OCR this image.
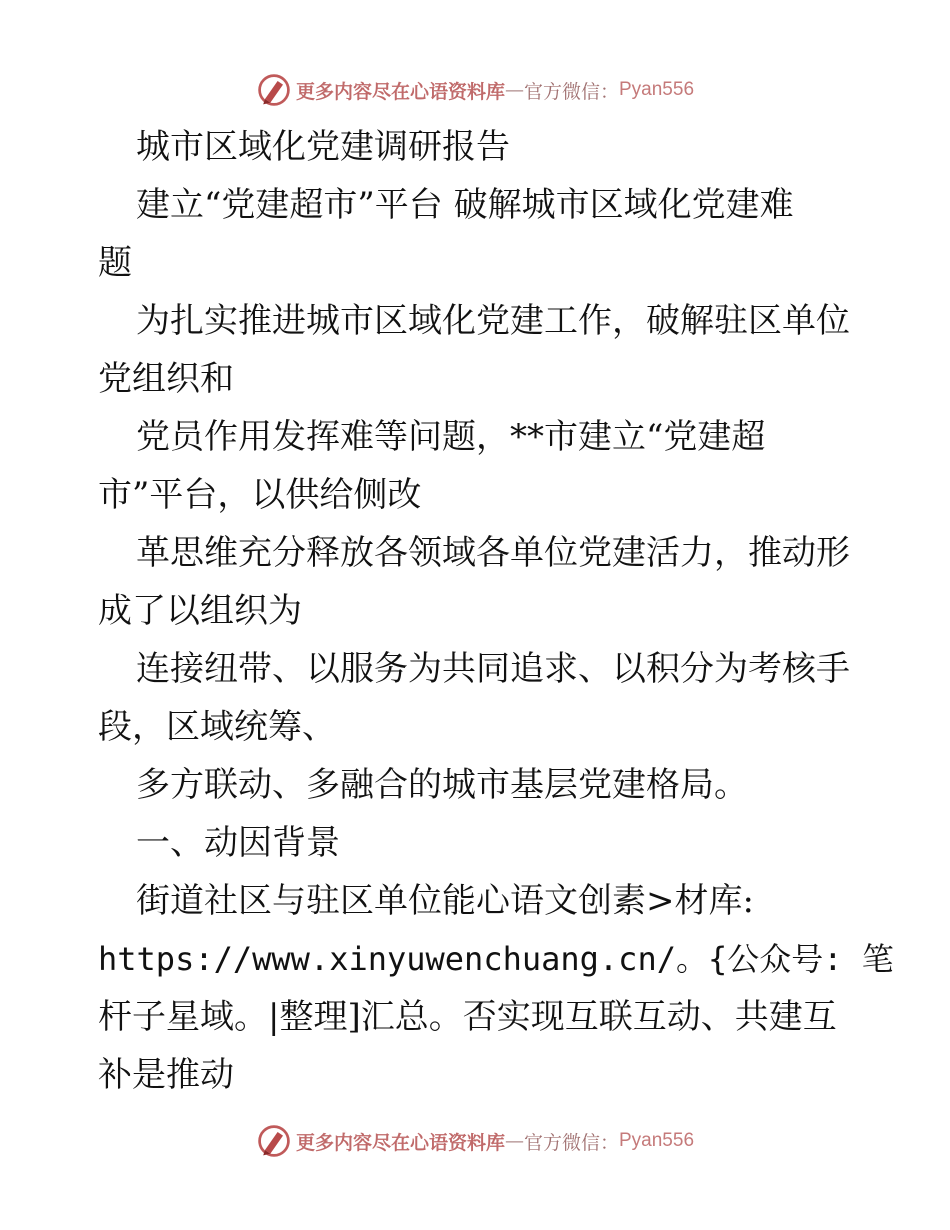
更多内容尽在心语资料库 — 官方微信： Pyan556
城市区域化党建调研报告
建立“党建超市”平台 破解城市区域化党建难
题
为扎实推进城市区域化党建工作，破解驻区单位
党组织和
党员作用发挥难等问题，**市建立“党建超
市”平台，以供给侧改
革思维充分释放各领域各单位党建活力，推动形
成了以组织为
连接纽带、以服务为共同追求、以积分为考核手
段，区域统筹、
多方联动、多融合的城市基层党建格局。
一、动因背景
街道社区与驻区单位能心语文创素>材库:
https://www.xinyuwenchuang.cn/。{公众号: 笔
杆子星域。|整理]汇总。否实现互联互动、共建互
补是推动
更多内容尽在心语资料库 — 官方微信： Pyan556
